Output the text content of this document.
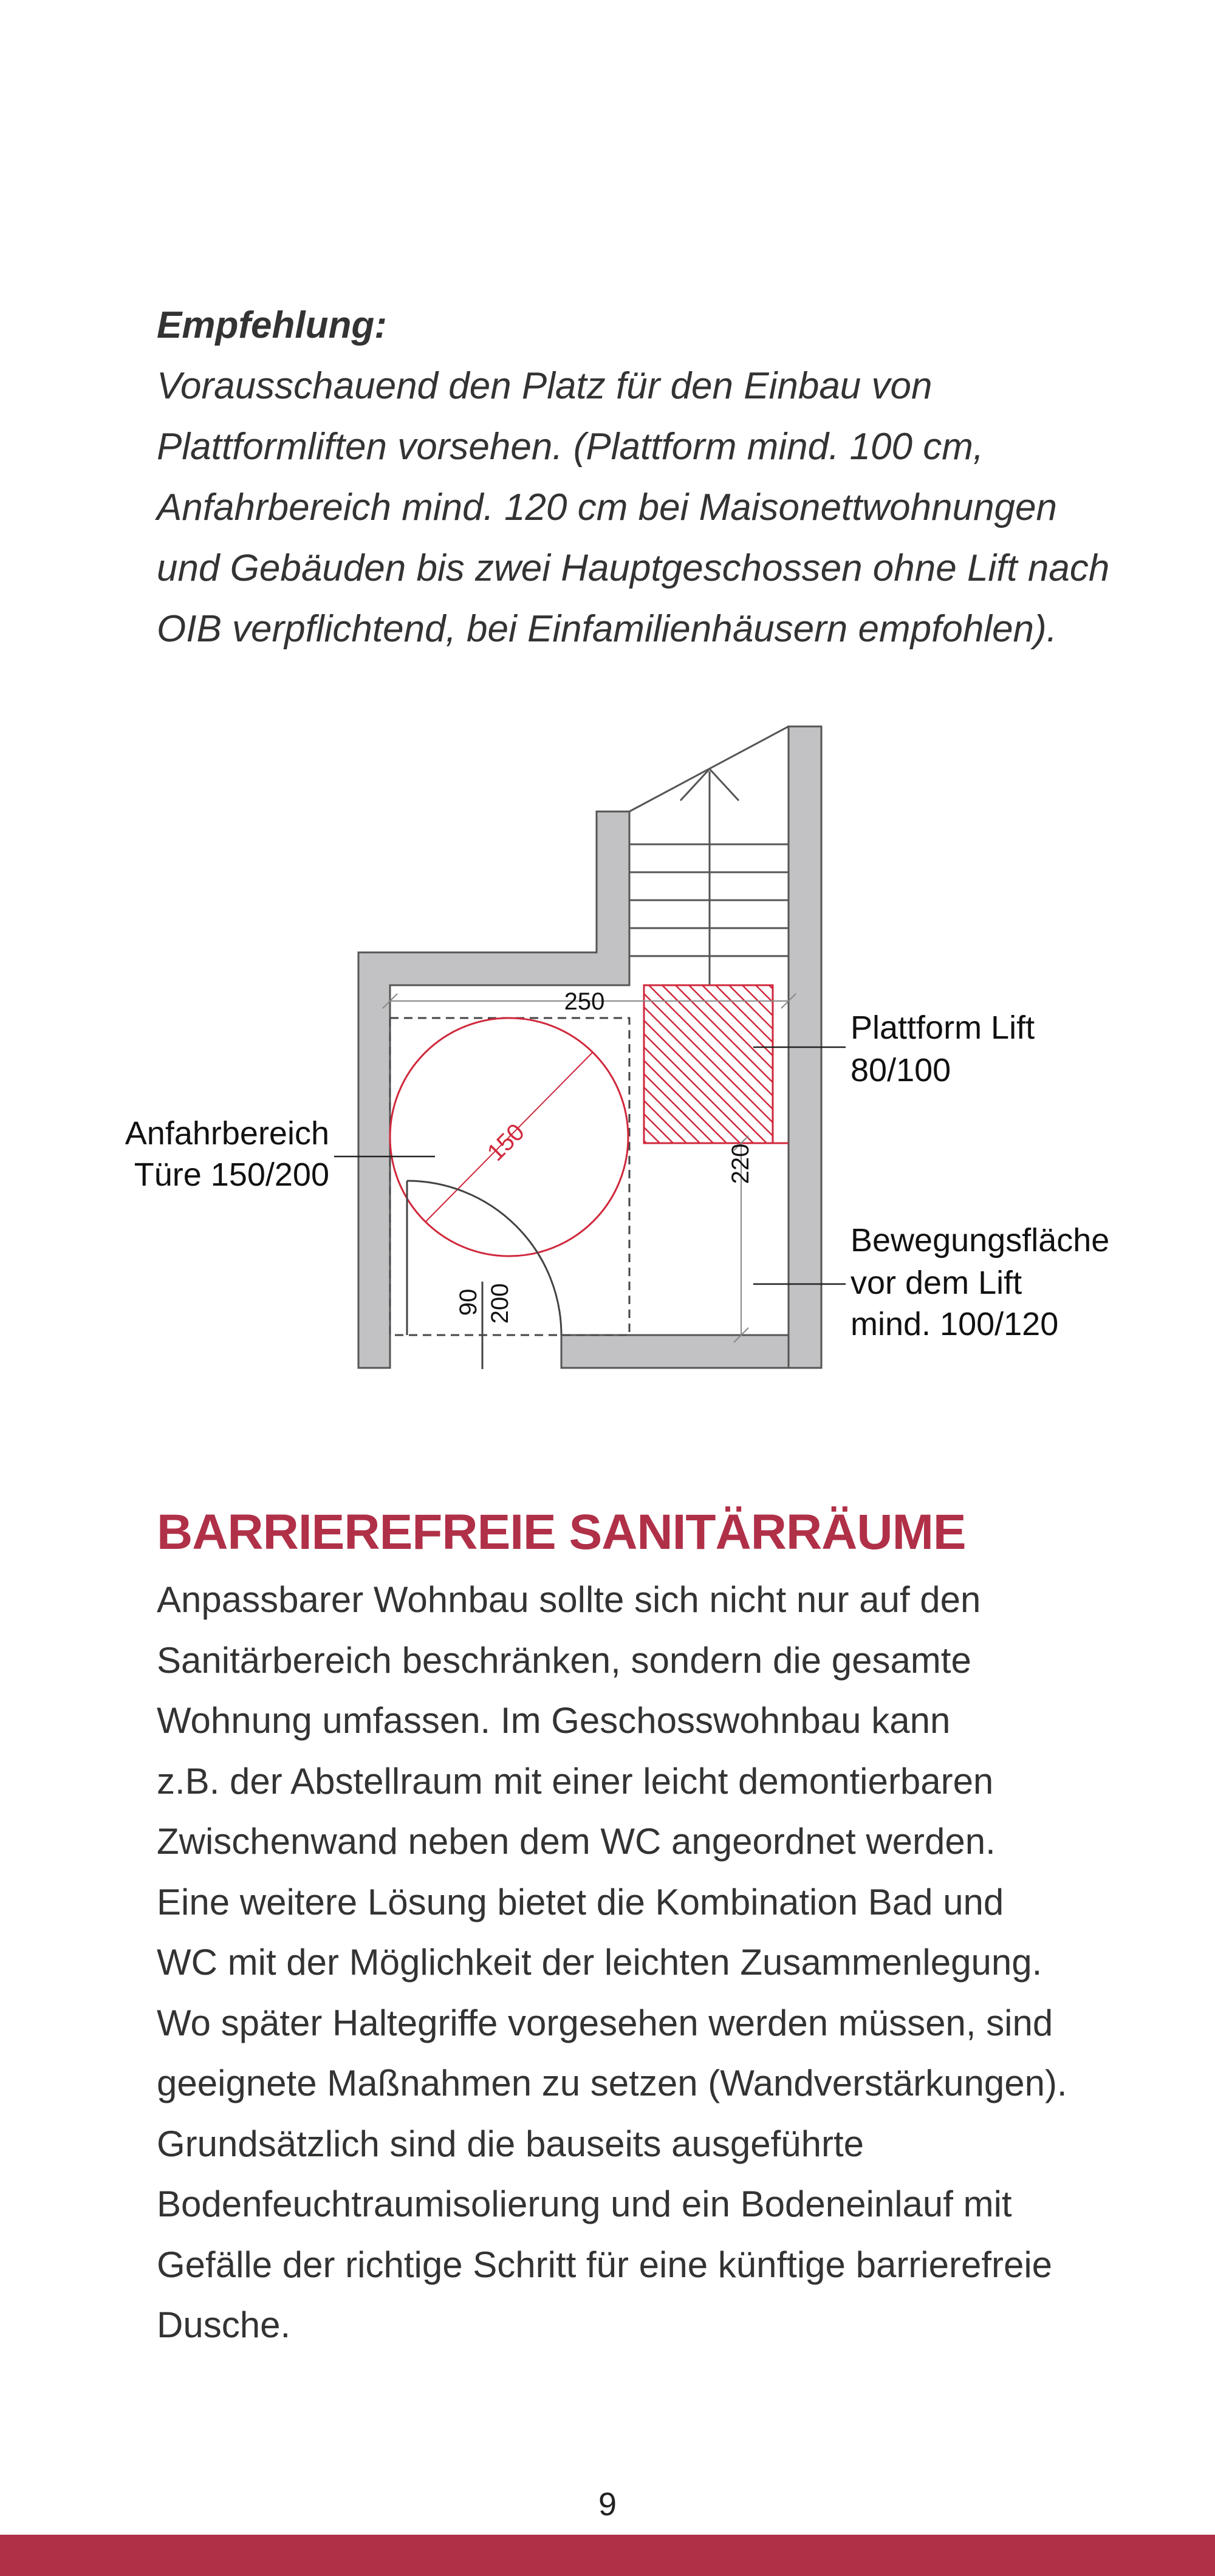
Empfehlung:
Vorausschauend den Platz für den Einbau von
Plattformliften vorsehen. (Plattform mind. 100 cm,
Anfahrbereich mind. 120 cm bei Maisonettwohnungen
und Gebäuden bis zwei Hauptgeschossen ohne Lift nach
OIB verpflichtend, bei Einfamilienhäusern empfohlen).
250
150	220
90 200
Plattform Lift
80/100
Anfahrbereich
Türe 150/200
Bewegungsfläche
vor dem Lift
mind. 100/120
BARRIEREFREIE SANITÄRRÄUME
Anpassbarer Wohnbau sollte sich nicht nur auf den
Sanitärbereich beschränken, sondern die gesamte
Wohnung umfassen. Im Geschosswohnbau kann
z.B. der Abstellraum mit einer leicht demontierbaren
Zwischenwand neben dem WC angeordnet werden.
Eine weitere Lösung bietet die Kombination Bad und
WC mit der Möglichkeit der leichten Zusammenlegung.
Wo später Haltegriffe vorgesehen werden müssen, sind
geeignete Maßnahmen zu setzen (Wandverstärkungen).
Grundsätzlich sind die bauseits ausgeführte
Bodenfeuchtraumisolierung und ein Bodeneinlauf mit
Gefälle der richtige Schritt für eine künftige barrierefreie
Dusche.
9
